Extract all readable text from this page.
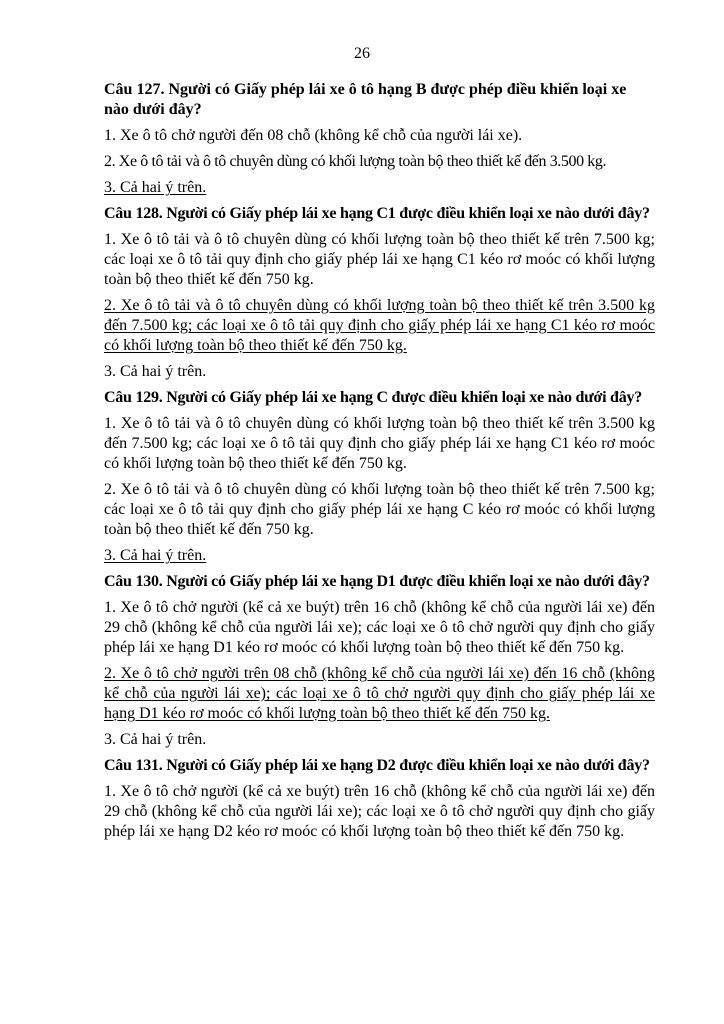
26
Câu 127. Người có Giấy phép lái xe ô tô hạng B được phép điều khiển loại xe nào dưới đây?
1. Xe ô tô chở người đến 08 chỗ (không kể chỗ của người lái xe).
2. Xe ô tô tải và ô tô chuyên dùng có khối lượng toàn bộ theo thiết kế đến 3.500 kg.
3. Cả hai ý trên.
Câu 128. Người có Giấy phép lái xe hạng C1 được điều khiển loại xe nào dưới đây?
1. Xe ô tô tải và ô tô chuyên dùng có khối lượng toàn bộ theo thiết kế trên 7.500 kg; các loại xe ô tô tải quy định cho giấy phép lái xe hạng C1 kéo rơ moóc có khối lượng toàn bộ theo thiết kế đến 750 kg.
2. Xe ô tô tải và ô tô chuyên dùng có khối lượng toàn bộ theo thiết kế trên 3.500 kg đến 7.500 kg; các loại xe ô tô tải quy định cho giấy phép lái xe hạng C1 kéo rơ moóc có khối lượng toàn bộ theo thiết kế đến 750 kg.
3. Cả hai ý trên.
Câu 129. Người có Giấy phép lái xe hạng C được điều khiển loại xe nào dưới đây?
1. Xe ô tô tải và ô tô chuyên dùng có khối lượng toàn bộ theo thiết kế trên 3.500 kg đến 7.500 kg; các loại xe ô tô tải quy định cho giấy phép lái xe hạng C1 kéo rơ moóc có khối lượng toàn bộ theo thiết kế đến 750 kg.
2. Xe ô tô tải và ô tô chuyên dùng có khối lượng toàn bộ theo thiết kế trên 7.500 kg; các loại xe ô tô tải quy định cho giấy phép lái xe hạng C kéo rơ moóc có khối lượng toàn bộ theo thiết kế đến 750 kg.
3. Cả hai ý trên.
Câu 130. Người có Giấy phép lái xe hạng D1 được điều khiển loại xe nào dưới đây?
1. Xe ô tô chở người (kể cả xe buýt) trên 16 chỗ (không kể chỗ của người lái xe) đến 29 chỗ (không kể chỗ của người lái xe); các loại xe ô tô chở người quy định cho giấy phép lái xe hạng D1 kéo rơ moóc có khối lượng toàn bộ theo thiết kế đến 750 kg.
2. Xe ô tô chở người trên 08 chỗ (không kể chỗ của người lái xe) đến 16 chỗ (không kể chỗ của người lái xe); các loại xe ô tô chở người quy định cho giấy phép lái xe hạng D1 kéo rơ moóc có khối lượng toàn bộ theo thiết kế đến 750 kg.
3. Cả hai ý trên.
Câu 131. Người có Giấy phép lái xe hạng D2 được điều khiển loại xe nào dưới đây?
1. Xe ô tô chở người (kể cả xe buýt) trên 16 chỗ (không kể chỗ của người lái xe) đến 29 chỗ (không kể chỗ của người lái xe); các loại xe ô tô chở người quy định cho giấy phép lái xe hạng D2 kéo rơ moóc có khối lượng toàn bộ theo thiết kế đến 750 kg.
